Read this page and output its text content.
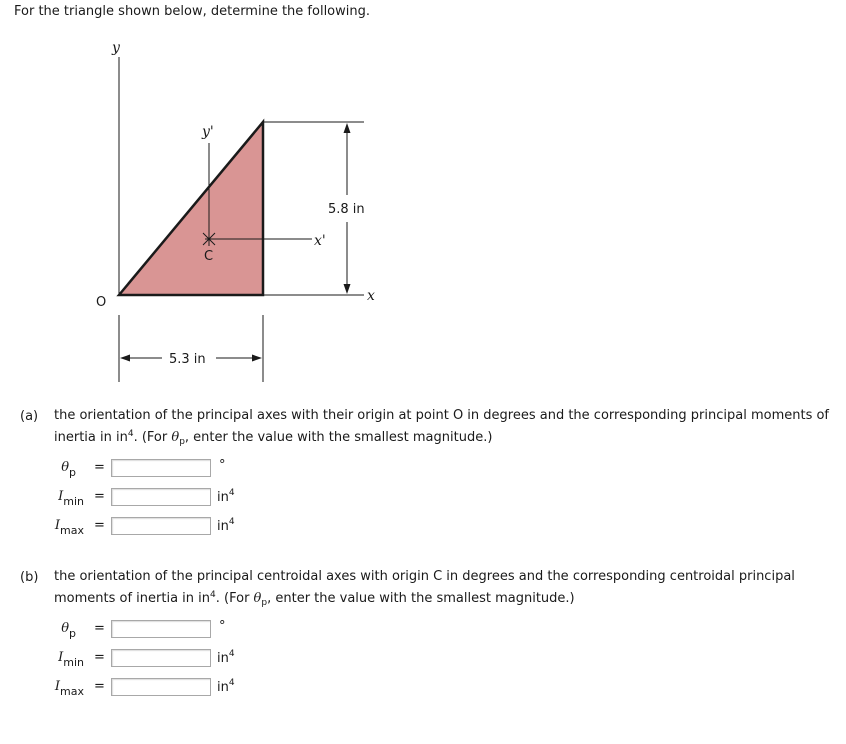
For the triangle shown below, determine the following.
y
y'
x'
x
C
O
5.8 in
5.3 in
(a) the orientation of the principal axes with their origin at point O in degrees and the corresponding principal moments of
inertia in $in^4$. (For $\theta_p$, enter the value with the smallest magnitude.)
$\theta_p$ =	°
$I_{min}$ =	$in^4$
$I_{max}$ =	$in^4$
(b) the orientation of the principal centroidal axes with origin C in degrees and the corresponding centroidal principal
moments of inertia in $in^4$. (For $\theta_p$, enter the value with the smallest magnitude.)
$\theta_p$ =	°
$I_{min}$ =	$in^4$
$I_{max}$ =	$in^4$
